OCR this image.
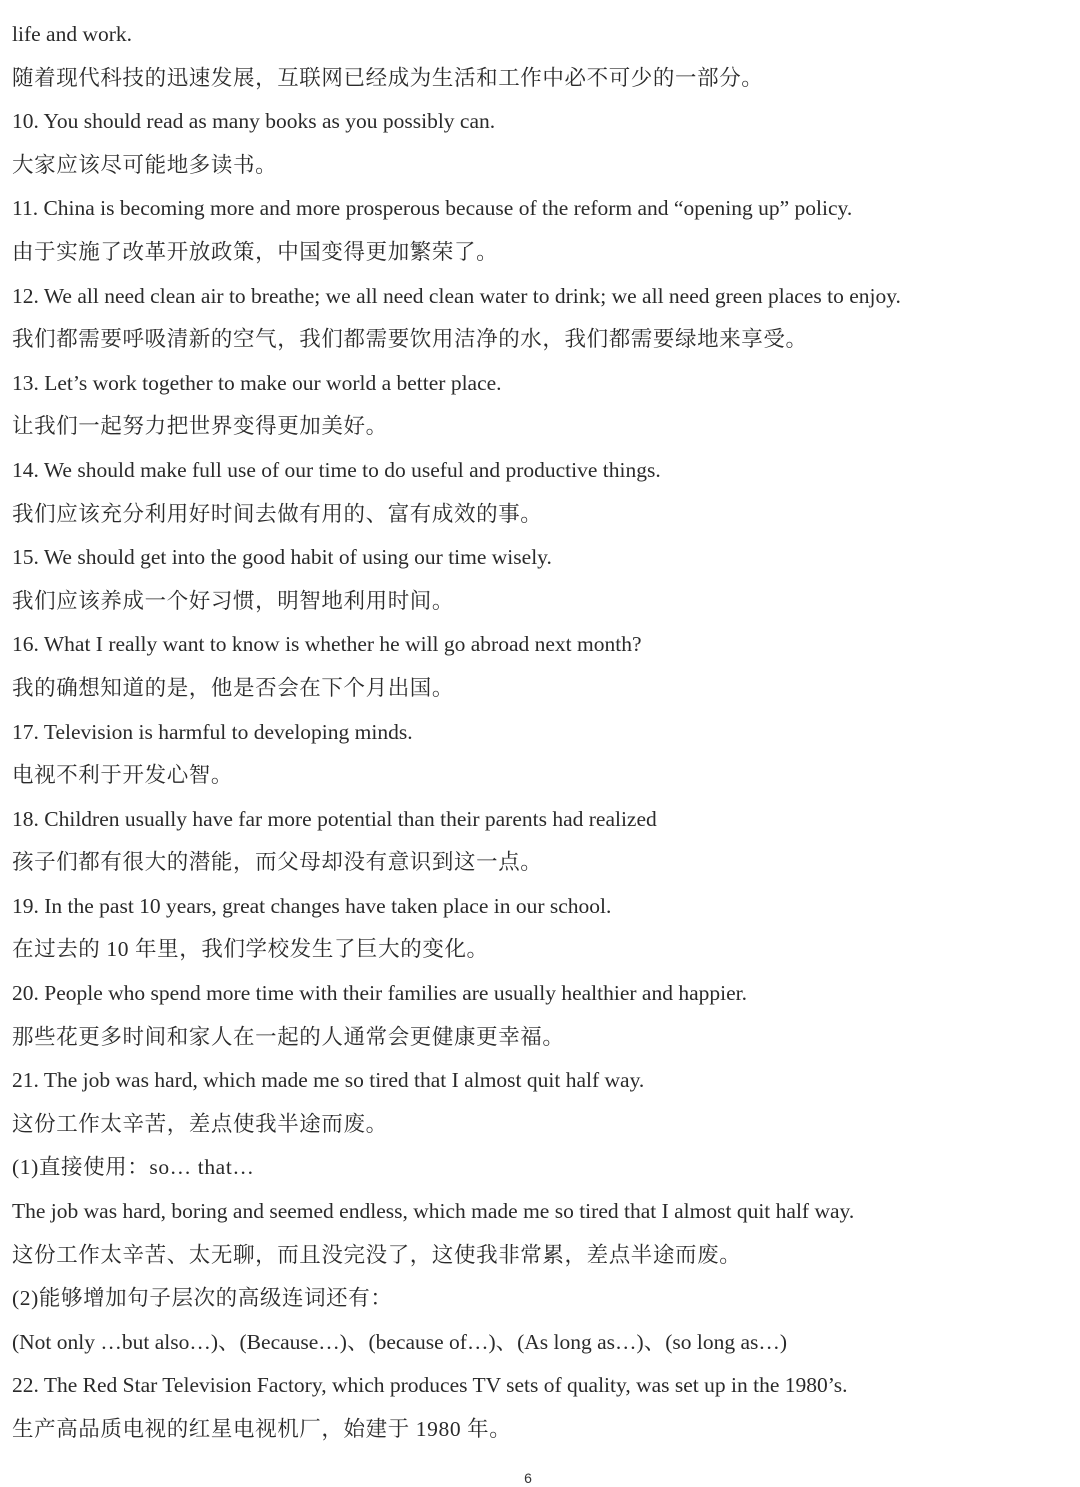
life and work.

随着现代科技的迅速发展，互联网已经成为生活和工作中必不可少的一部分。

10. You should read as many books as you possibly can.

大家应该尽可能地多读书。

11. China is becoming more and more prosperous because of the reform and “opening up” policy.

由于实施了改革开放政策，中国变得更加繁荣了。

12. We all need clean air to breathe; we all need clean water to drink; we all need green places to enjoy.

我们都需要呼吸清新的空气，我们都需要饮用洁净的水，我们都需要绿地来享受。

13. Let’s work together to make our world a better place.

让我们一起努力把世界变得更加美好。

14. We should make full use of our time to do useful and productive things.

我们应该充分利用好时间去做有用的、富有成效的事。

15. We should get into the good habit of using our time wisely.

我们应该养成一个好习惯，明智地利用时间。

16. What I really want to know is whether he will go abroad next month?

我的确想知道的是，他是否会在下个月出国。

17. Television is harmful to developing minds.

电视不利于开发心智。

18. Children usually have far more potential than their parents had realized

孩子们都有很大的潜能，而父母却没有意识到这一点。

19. In the past 10 years, great changes have taken place in our school.

在过去的 10 年里，我们学校发生了巨大的变化。

20. People who spend more time with their families are usually healthier and happier.

那些花更多时间和家人在一起的人通常会更健康更幸福。

21. The job was hard, which made me so tired that I almost quit half way.

这份工作太辛苦，差点使我半途而废。

(1)直接使用：so… that…

The job was hard, boring and seemed endless, which made me so tired that I almost quit half way.

这份工作太辛苦、太无聊，而且没完没了，这使我非常累，差点半途而废。

(2)能够增加句子层次的高级连词还有：

(Not only …but also…)、(Because…)、(because of…)、(As long as…)、(so long as…)

22. The Red Star Television Factory, which produces TV sets of quality, was set up in the 1980’s.

生产高品质电视的红星电视机厂，始建于 1980 年。

6
